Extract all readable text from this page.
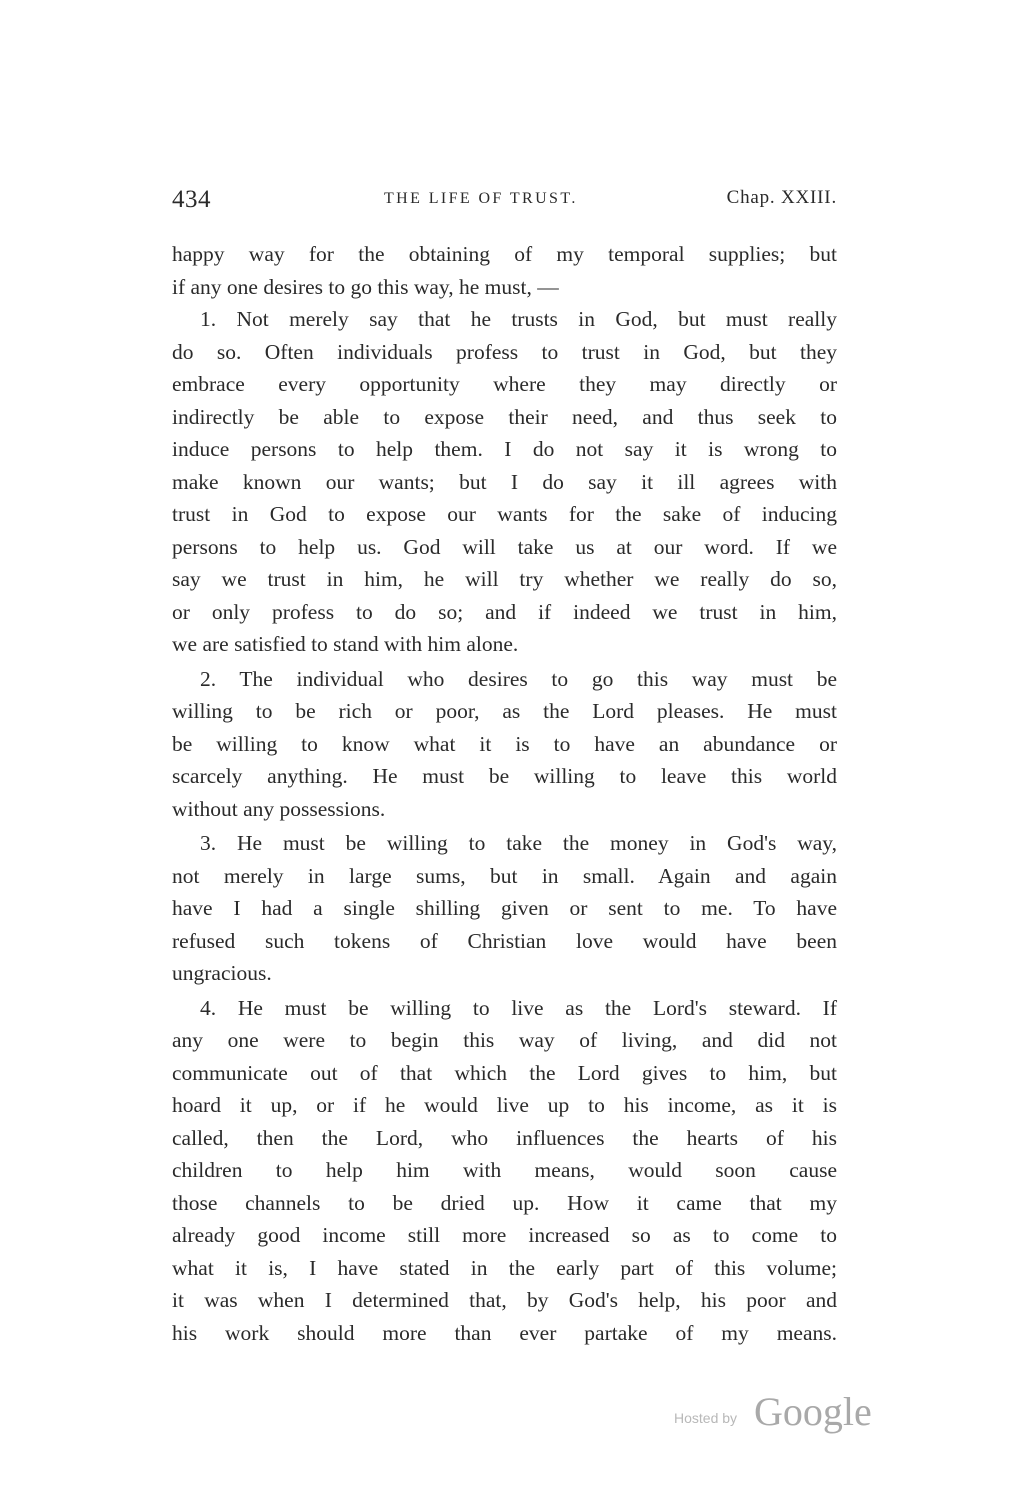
434	THE LIFE OF TRUST.	Chap. XXIII.
happy way for the obtaining of my temporal supplies; but
if any one desires to go this way, he must, —
1. Not merely say that he trusts in God, but must really
do so. Often individuals profess to trust in God, but they
embrace every opportunity where they may directly or
indirectly be able to expose their need, and thus seek to
induce persons to help them. I do not say it is wrong to
make known our wants; but I do say it ill agrees with
trust in God to expose our wants for the sake of inducing
persons to help us. God will take us at our word. If we
say we trust in him, he will try whether we really do so,
or only profess to do so; and if indeed we trust in him,
we are satisfied to stand with him alone.
2. The individual who desires to go this way must be
willing to be rich or poor, as the Lord pleases. He must
be willing to know what it is to have an abundance or
scarcely anything. He must be willing to leave this world
without any possessions.
3. He must be willing to take the money in God's way,
not merely in large sums, but in small. Again and again
have I had a single shilling given or sent to me. To have
refused such tokens of Christian love would have been
ungracious.
4. He must be willing to live as the Lord's steward. If
any one were to begin this way of living, and did not
communicate out of that which the Lord gives to him, but
hoard it up, or if he would live up to his income, as it is
called, then the Lord, who influences the hearts of his
children to help him with means, would soon cause
those channels to be dried up. How it came that my
already good income still more increased so as to come to
what it is, I have stated in the early part of this volume;
it was when I determined that, by God's help, his poor and
his work should more than ever partake of my means.
Hosted by Google
